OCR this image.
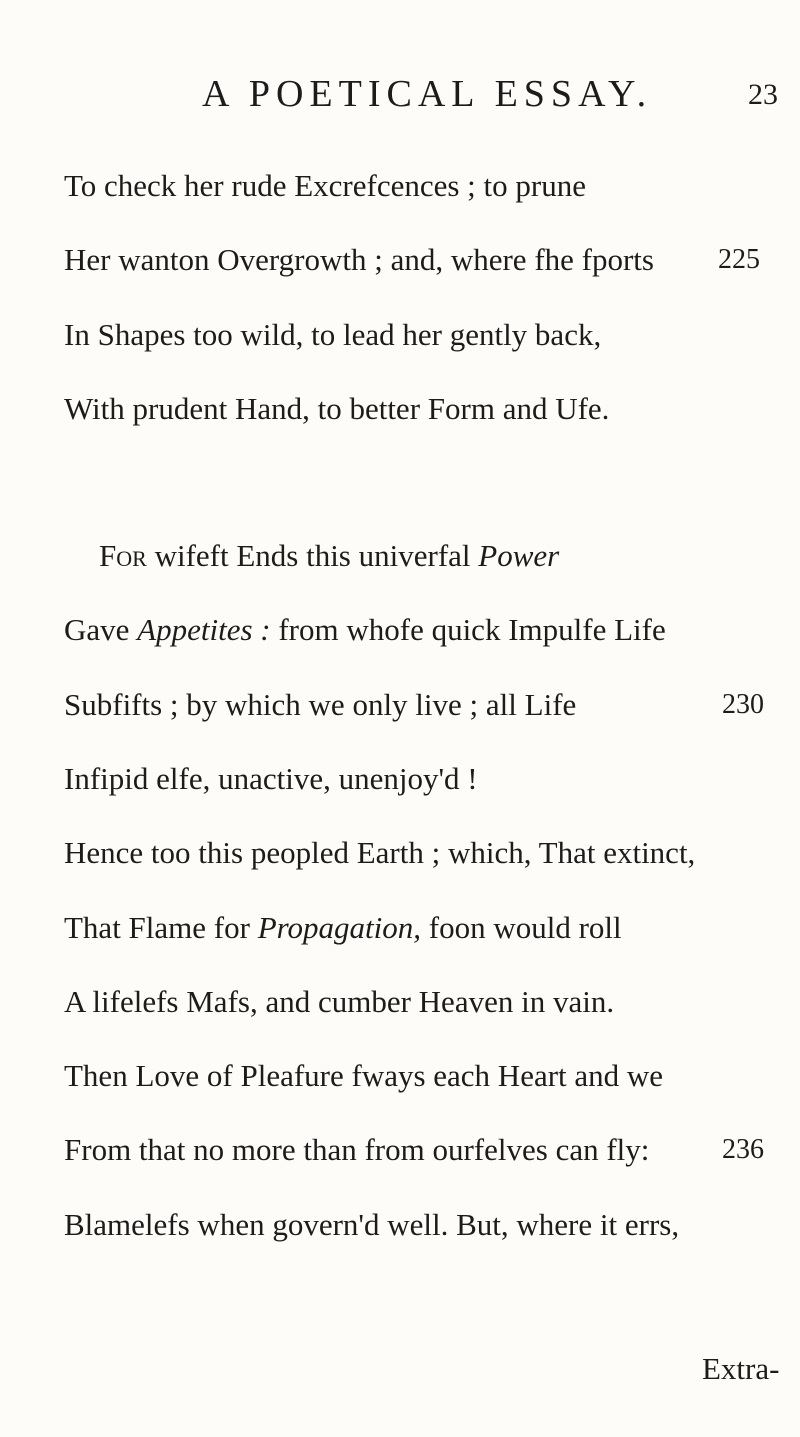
A POETICAL ESSAY.	23
To check her rude Excrefcences ; to prune
Her wanton Overgrowth ; and, where fhe fports 225
In Shapes too wild, to lead her gently back,
With prudent Hand, to better Form and Ufe.
For wifeft Ends this univerfal Power
Gave Appetites : from whofe quick Impulfe Life
Subfifts ; by which we only live ; all Life	230
Infipid elfe, unactive, unenjoy'd !
Hence too this peopled Earth ; which, That extinct,
That Flame for Propagation, foon would roll
A lifelefs Mafs, and cumber Heaven in vain.
Then Love of Pleafure fways each Heart and we
From that no more than from ourfelves can fly:	236
Blamelefs when govern'd well. But, where it errs,
Extra-
